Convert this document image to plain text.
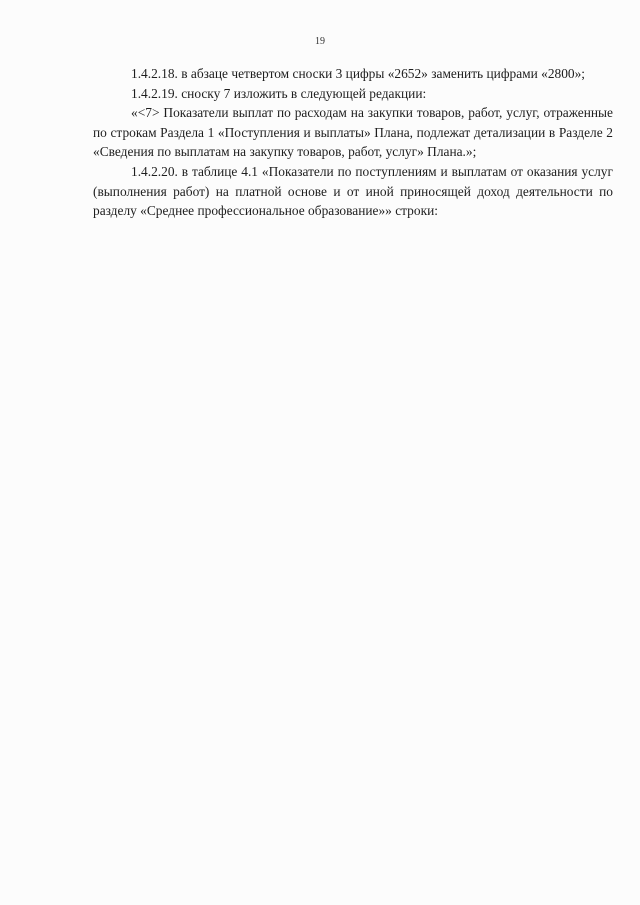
19

1.4.2.18. в абзаце четвертом сноски 3 цифры «2652» заменить цифрами «2800»;

1.4.2.19. сноску 7 изложить в следующей редакции:

«<7> Показатели выплат по расходам на закупки товаров, работ, услуг, отраженные по строкам Раздела 1 «Поступления и выплаты» Плана, подлежат детализации в Разделе 2 «Сведения по выплатам на закупку товаров, работ, услуг» Плана.»;

1.4.2.20. в таблице 4.1 «Показатели по поступлениям и выплатам от оказания услуг (выполнения работ) на платной основе и от иной приносящей доход деятельности по разделу «Среднее профессиональное образование»» строки:
